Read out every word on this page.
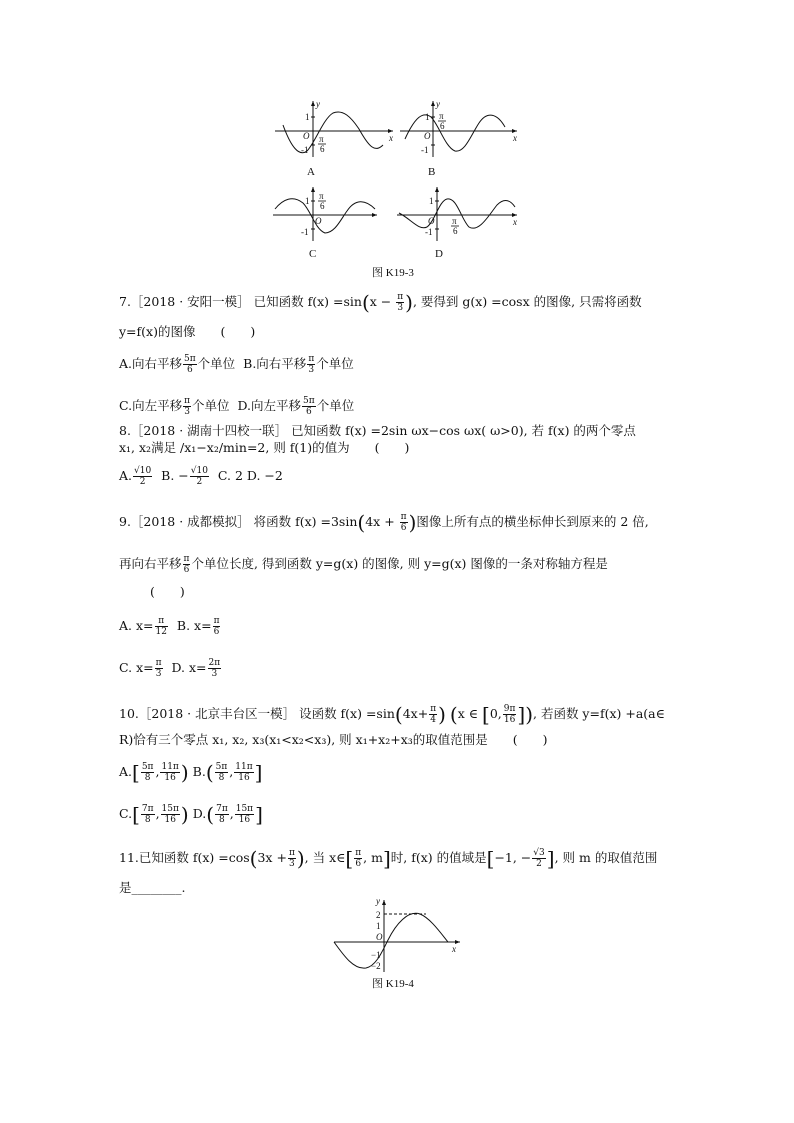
y
x
1
-1
O π
6
A
y
x
1
-1
O
π
6
B
1
-1
O
π
6
C
1
-1
O π
6
D
x
图 K19-3
7.［2018 · 安阳一模］ 已知函数 $f(x) =\sin(x - \frac{\pi}{3}$ ), 要得到 g(x) =cosx 的图像, 只需将函数
y=f(x)的图像　　(　　)
A.向右平移 $\frac{5\pi}{6}$ 个单位 B.向右平移 $\frac{\pi}{3}$ 个单位
C.向左平移 $\frac{\pi}{3}$ 个单位 D.向左平移 $\frac{5\pi}{6}$ 个单位
8.［2018 · 湖南十四校一联］ 已知函数 f(x) =2sin ωx−cos ωx( ω>0), 若 f(x) 的两个零点
x₁, x₂满足 /x₁−x₂/min=2, 则 f(1)的值为　　(　　)
A. $\frac{√10}{2} B$. − $\frac{√10}{2} C$. 2 D. −2
9.［2018 · 成都模拟］ 将函数 $f(x) =3\sin(4x + \frac{\pi}{6}$ )图像上所有点的横坐标伸长到原来的 2 倍,
再向右平移 $\frac{\pi}{6}$ 个单位长度, 得到函数 y=g(x) 的图像, 则 y=g(x) 图像的一条对称轴方程是
(　　)
A. $x= \frac{\pi}{12} B$. $x= \frac{\pi}{6}$
C. $x= \frac{\pi}{3} D$. $x= \frac{2\pi}{3}$
10.［2018 · 北京丰台区一模］ 设函数 $f(x) =\sin(4x+ \frac{\pi}{4}$ ) (x ∈ [0, $\frac{9\pi}{16}$ ]), 若函数 y=f(x) +a(a∈
R)恰有三个零点 x₁, x₂, x₃(x₁<x₂<x₃), 则 x₁+x₂+x₃的取值范围是　　(　　)
$A.[ \frac{5\pi}{8}$ , $\frac{11\pi}{16}$ ) $B.( \frac{5\pi}{8}$ , $\frac{11\pi}{16}$ ]
$C.[ \frac{7\pi}{8}$ , $\frac{15\pi}{16}$ ) $D.( \frac{7\pi}{8}$ , $\frac{15\pi}{16}$ ]
11.已知函数 $f(x) =\cos(3x + \frac{\pi}{3}$ ), 当 x∈[ $\frac{\pi}{6}$ , m]时, f(x) 的值域是[−1, − $\frac{√3}{2}$ ], 则 m 的取值范围
是________.
y
x
2
1
O
−1
−2
图 K19-4
